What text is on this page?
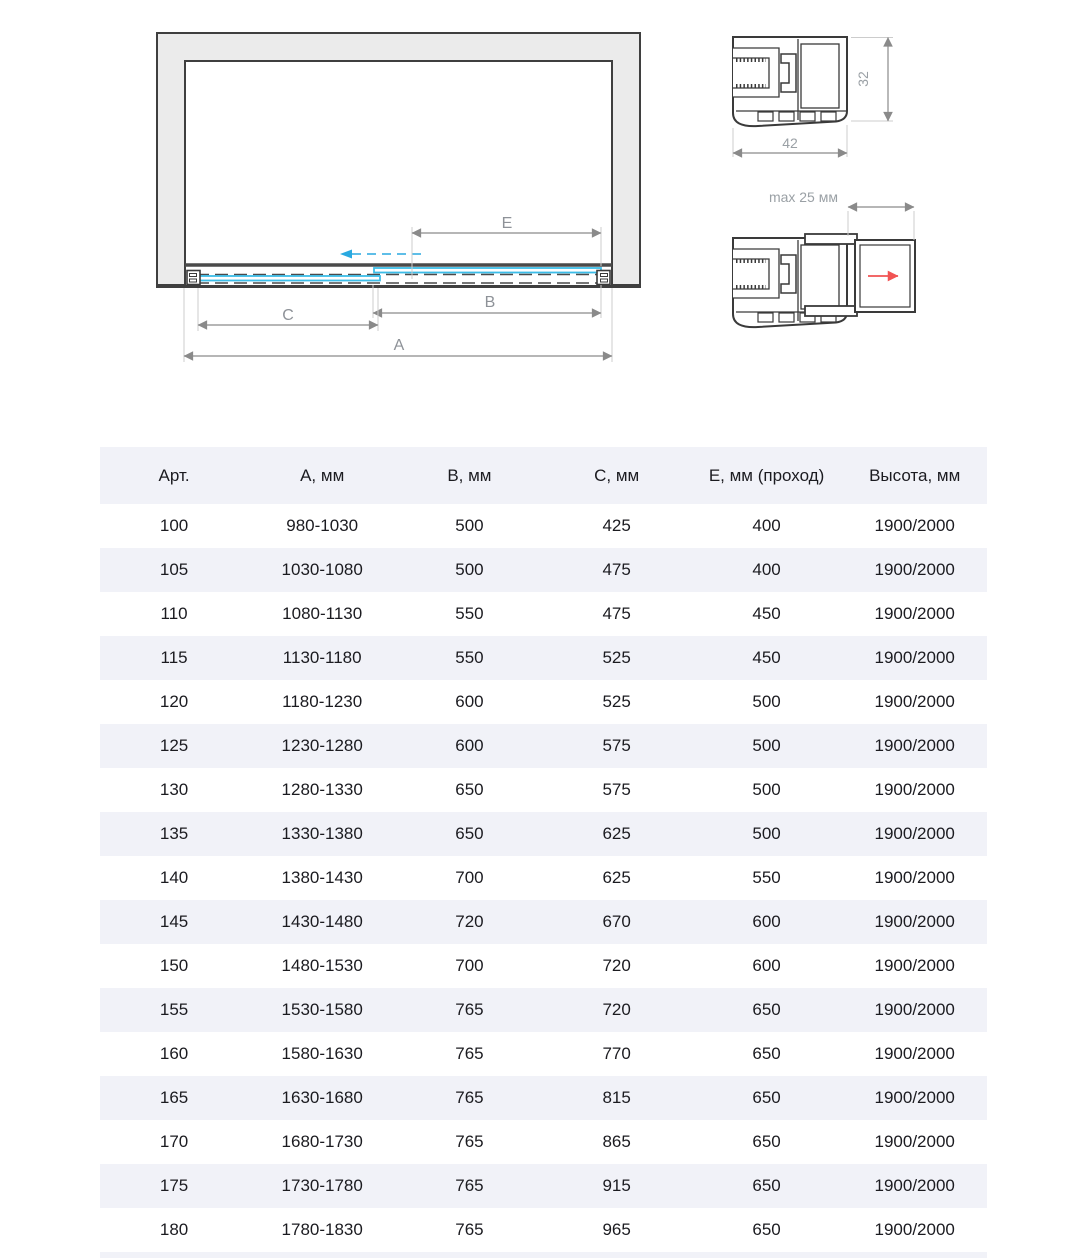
E
B
C
A
42
32
max 25 мм
Арт.	А, мм	В, мм	С, мм	Е, мм (проход)	Высота, мм
100	980-1030	500	425	400	1900/2000
105	1030-1080	500	475	400	1900/2000
110	1080-1130	550	475	450	1900/2000
115	1130-1180	550	525	450	1900/2000
120	1180-1230	600	525	500	1900/2000
125	1230-1280	600	575	500	1900/2000
130	1280-1330	650	575	500	1900/2000
135	1330-1380	650	625	500	1900/2000
140	1380-1430	700	625	550	1900/2000
145	1430-1480	720	670	600	1900/2000
150	1480-1530	700	720	600	1900/2000
155	1530-1580	765	720	650	1900/2000
160	1580-1630	765	770	650	1900/2000
165	1630-1680	765	815	650	1900/2000
170	1680-1730	765	865	650	1900/2000
175	1730-1780	765	915	650	1900/2000
180	1780-1830	765	965	650	1900/2000
